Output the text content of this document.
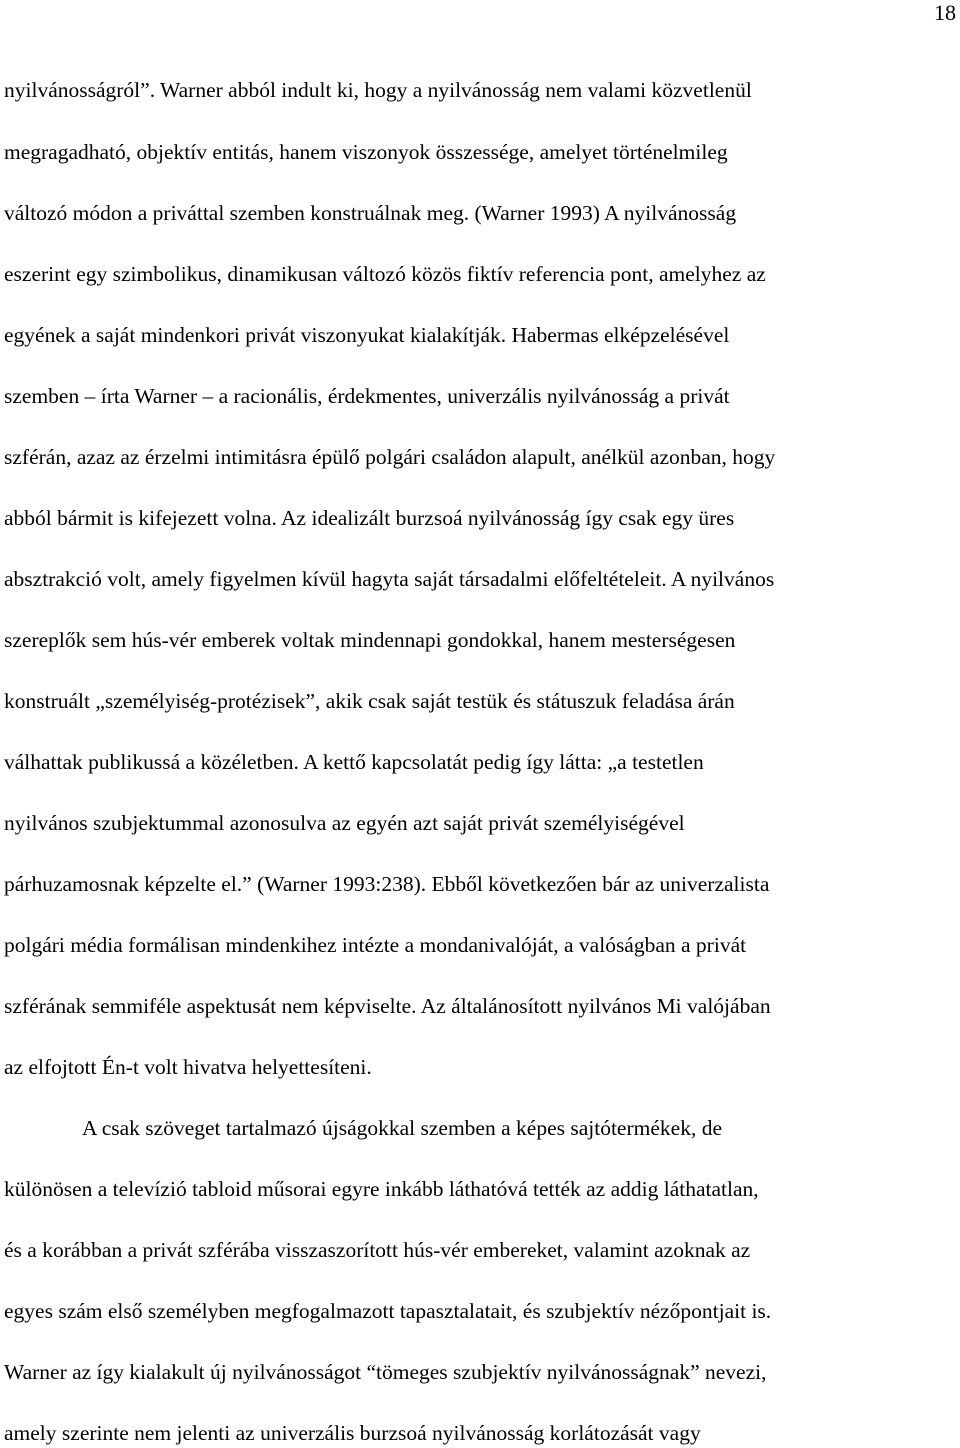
18
nyilvánosságról”. Warner abból indult ki, hogy a nyilvánosság nem valami közvetlenül
megragadható, objektív entitás, hanem viszonyok összessége, amelyet történelmileg
változó módon a priváttal szemben konstruálnak meg. (Warner 1993) A nyilvánosság
eszerint egy szimbolikus, dinamikusan változó közös fiktív referencia pont, amelyhez az
egyének a saját mindenkori privát viszonyukat kialakítják. Habermas elképzelésével
szemben – írta Warner – a racionális, érdekmentes, univerzális nyilvánosság a privát
szférán, azaz az érzelmi intimitásra épülő polgári családon alapult, anélkül azonban, hogy
abból bármit is kifejezett volna. Az idealizált burzsoá nyilvánosság így csak egy üres
absztrakció volt, amely figyelmen kívül hagyta saját társadalmi előfeltételeit. A nyilvános
szereplők sem hús-vér emberek voltak mindennapi gondokkal, hanem mesterségesen
konstruált „személyiség-protézisek”, akik csak saját testük és státuszuk feladása árán
válhattak publikussá a közéletben. A kettő kapcsolatát pedig így látta: „a testetlen
nyilvános szubjektummal azonosulva az egyén azt saját privát személyiségével
párhuzamosnak képzelte el.” (Warner 1993:238). Ebből következően bár az univerzalista
polgári média formálisan mindenkihez intézte a mondanivalóját, a valóságban a privát
szférának semmiféle aspektusát nem képviselte. Az általánosított nyilvános Mi valójában
az elfojtott Én-t volt hivatva helyettesíteni.
A csak szöveget tartalmazó újságokkal szemben a képes sajtótermékek, de
különösen a televízió tabloid műsorai egyre inkább láthatóvá tették az addig láthatatlan,
és a korábban a privát szférába visszaszorított hús-vér embereket, valamint azoknak az
egyes szám első személyben megfogalmazott tapasztalatait, és szubjektív nézőpontjait is.
Warner az így kialakult új nyilvánosságot “tömeges szubjektív nyilvánosságnak” nevezi,
amely szerinte nem jelenti az univerzális burzsoá nyilvánosság korlátozását vagy
